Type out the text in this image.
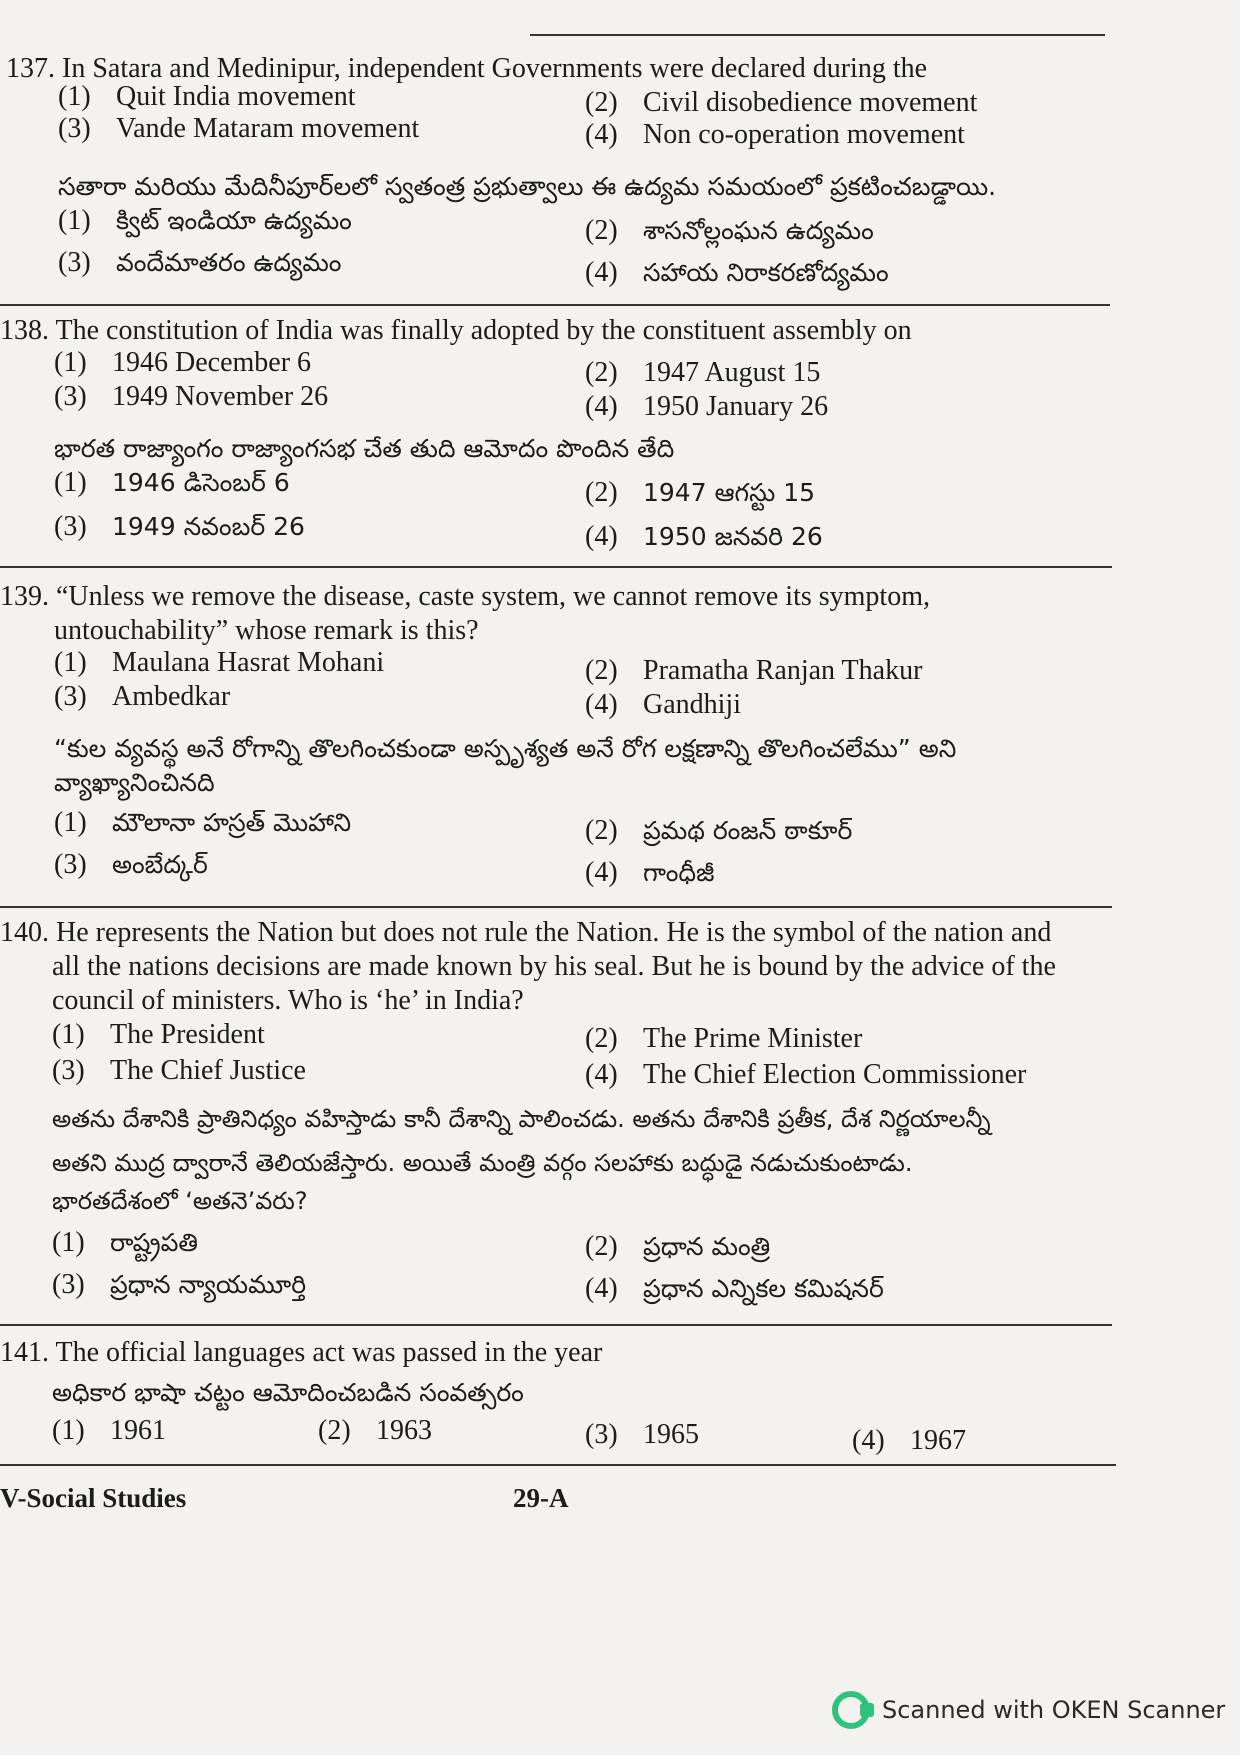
137. In Satara and Medinipur, independent Governments were declared during the
(1) Quit India movement	(2) Civil disobedience movement
(3) Vande Mataram movement	(4) Non co-operation movement
సతారా మరియు మేదినీపూర్‌లలో స్వతంత్ర ప్రభుత్వాలు ఈ ఉద్యమ సమయంలో ప్రకటించబడ్డాయి.
(1) క్విట్ ఇండియా ఉద్యమం	(2) శాసనోల్లంఘన ఉద్యమం
(3) వందేమాతరం ఉద్యమం	(4) సహాయ నిరాకరణోద్యమం
138. The constitution of India was finally adopted by the constituent assembly on
(1) 1946 December 6	(2) 1947 August 15
(3) 1949 November 26	(4) 1950 January 26
భారత రాజ్యాంగం రాజ్యాంగసభ చేత తుది ఆమోదం పొందిన తేది
(1) 1946 డిసెంబర్ 6	(2) 1947 ఆగస్టు 15
(3) 1949 నవంబర్ 26	(4) 1950 జనవరి 26
139. “Unless we remove the disease, caste system, we cannot remove its symptom,
untouchability” whose remark is this?
(1) Maulana Hasrat Mohani	(2) Pramatha Ranjan Thakur
(3) Ambedkar	(4) Gandhiji
“కుల వ్యవస్థ అనే రోగాన్ని తొలగించకుండా అస్పృశ్యత అనే రోగ లక్షణాన్ని తొలగించలేము” అని
వ్యాఖ్యానించినది
(1) మౌలానా హస్రత్ మొహాని	(2) ప్రమథ రంజన్ ఠాకూర్
(3) అంబేద్కర్	(4) గాంధీజీ
140. He represents the Nation but does not rule the Nation. He is the symbol of the nation and
all the nations decisions are made known by his seal. But he is bound by the advice of the
council of ministers. Who is ‘he’ in India?
(1) The President	(2) The Prime Minister
(3) The Chief Justice	(4) The Chief Election Commissioner
అతను దేశానికి ప్రాతినిధ్యం వహిస్తాడు కానీ దేశాన్ని పాలించడు. అతను దేశానికి ప్రతీక, దేశ నిర్ణయాలన్నీ
అతని ముద్ర ద్వారానే తెలియజేస్తారు. అయితే మంత్రి వర్గం సలహాకు బద్ధుడై నడుచుకుంటాడు.
భారతదేశంలో ‘అతనె’వరు?
(1) రాష్ట్రపతి	(2) ప్రధాన మంత్రి
(3) ప్రధాన న్యాయమూర్తి	(4) ప్రధాన ఎన్నికల కమిషనర్
141. The official languages act was passed in the year
అధికార భాషా చట్టం ఆమోదించబడిన సంవత్సరం
(1) 1961	(2) 1963	(3) 1965	(4) 1967
V-Social Studies	29-A
Scanned with OKEN Scanner
